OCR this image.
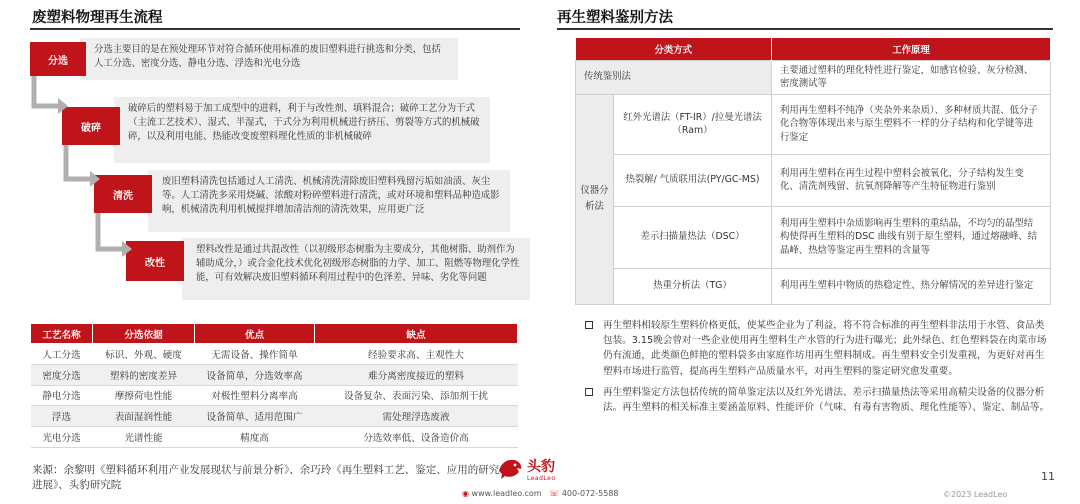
废塑料物理再生流程
分选主要目的是在预处理环节对符合循环使用标准的废旧塑料进行挑选和分类，包括人工分选、密度分选、静电分选、浮选和光电分选
分选
破碎后的塑料易于加工成型中的进料，利于与改性剂、填料混合；破碎工艺分为干式（主流工艺技术）、湿式、半湿式，干式分为利用机械进行挤压、剪裂等方式的机械破碎，以及利用电能、热能改变废塑料理化性质的非机械破碎
破碎
废旧塑料清洗包括通过人工清洗、机械清洗清除废旧塑料残留污垢如油渍、灰尘等。人工清洗多采用烧碱、浓酸对粉碎塑料进行清洗，或对环境和塑料品种造成影响，机械清洗利用机械搅拌增加清洁剂的清洗效果，应用更广泛
清洗
塑料改性是通过共混改性（以初级形态树脂为主要成分，其他树脂、助剂作为辅助成分，）或合金化技术优化初级形态树脂的力学、加工、阻燃等物理化学性能，可有效解决废旧塑料循环利用过程中的色泽差、异味、劣化等问题
改性
工艺名称	分选依据	优点	缺点
人工分选	标识、外观、硬度	无需设备、操作简单	经验要求高、主观性大
密度分选	塑料的密度差异	设备简单，分选效率高	难分离密度接近的塑料
静电分选	摩擦荷电性能	对极性塑料分离率高	设备复杂、表面污染、添加剂干扰
浮选	表面湿润性能	设备简单、适用范围广	需处理浮选废液
光电分选	光谱性能	精度高	分选效率低、设备造价高
再生塑料鉴别方法
分类方式		工作原理
传统鉴别法		主要通过塑料的理化特性进行鉴定，如感官检验、灰分检测、密度测试等
仪器分析法	红外光谱法（FT-IR）/拉曼光谱法（Ram）	利用再生塑料不纯净（夹杂外来杂质）、多种材质共混、低分子化合物等体现出来与原生塑料不一样的分子结构和化学键等进行鉴定
	热裂解/ 气质联用法(PY/GC-MS)	利用再生塑料在再生过程中塑料会被氧化，分子结构发生变化、清洗剂残留、抗氧剂降解等产生特征物进行鉴别
	差示扫描量热法（DSC）	利用再生塑料中杂质影响再生塑料的重结晶，不均匀的晶型结构使得再生塑料的DSC 曲线有别于原生塑料，通过熔融峰、结晶峰、热焓等鉴定再生塑料的含量等
	热重分析法（TG）	利用再生塑料中物质的热稳定性、热分解情况的差异进行鉴定
再生塑料相较原生塑料价格更低，使某些企业为了利益，将不符合标准的再生塑料非法用于水管、食品类包装。3.15晚会曾对一些企业使用再生塑料生产水管的行为进行曝光；此外绿色、红色塑料袋在肉菜市场仍有流通，此类颜色鲜艳的塑料袋多由家庭作坊用再生塑料制成。再生塑料安全引发重视，为更好对再生塑料市场进行监管，提高再生塑料产品质量水平，对再生塑料的鉴定研究愈发重要。
再生塑料鉴定方法包括传统的简单鉴定法以及红外光谱法、差示扫描量热法等采用高精尖设备的仪器分析法。再生塑料的相关标准主要涵盖原料、性能评价（气味、有毒有害物质、理化性能等）、鉴定、制品等。
来源：余黎明《塑料循环利用产业发展现状与前景分析》、余巧玲《再生塑料工艺、鉴定、应用的研究进展》、头豹研究院
头豹
LeadLeo
◉ www.leadleo.com ☏ 400-072-5588
11
©2023 LeadLeo
